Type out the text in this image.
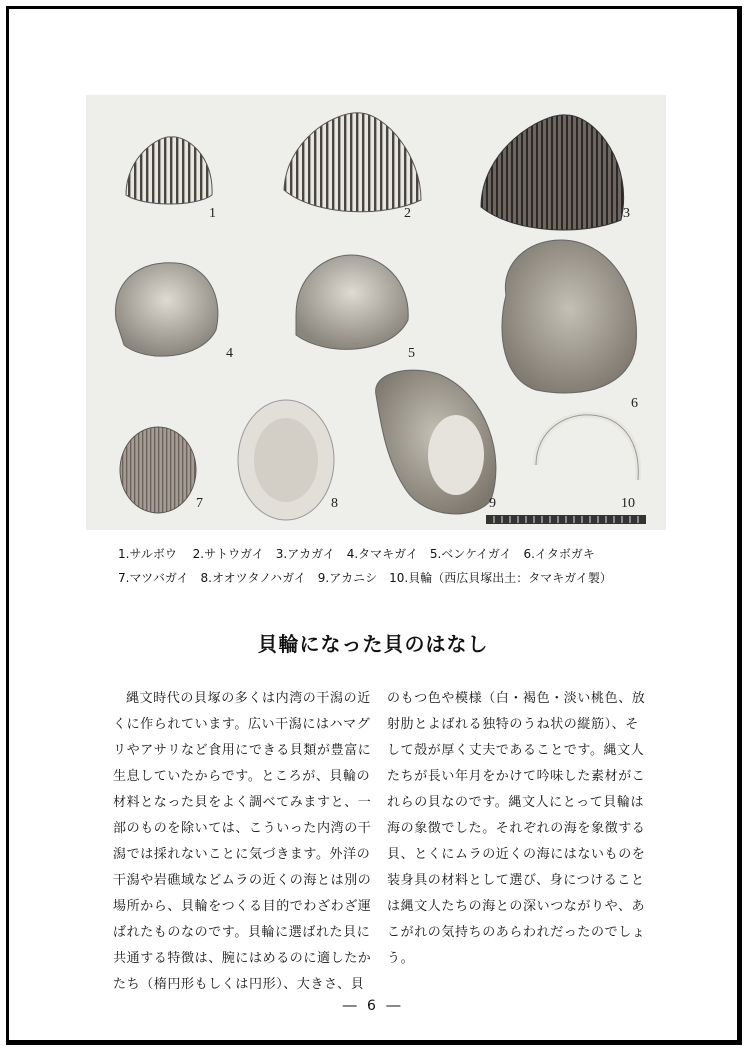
1	2	3
4	5
6
7	8	9	10
1.サルボウ　 2.サトウガイ　3.アカガイ　4.タマキガイ　5.ベンケイガイ　6.イタボガキ
7.マツバガイ　8.オオツタノハガイ　9.アカニシ　10.貝輪（西広貝塚出土：タマキガイ製）
貝輪になった貝のはなし

縄文時代の貝塚の多くは内湾の干潟の近くに作られています。広い干潟にはハマグリやアサリなど食用にできる貝類が豊富に生息していたからです。ところが、貝輪の材料となった貝をよく調べてみますと、一部のものを除いては、こういった内湾の干潟では採れないことに気づきます。外洋の干潟や岩礁域などムラの近くの海とは別の場所から、貝輪をつくる目的でわざわざ運ばれたものなのです。貝輪に選ばれた貝に共通する特徴は、腕にはめるのに適したかたち（楕円形もしくは円形）、大きさ、貝

のもつ色や模様（白・褐色・淡い桃色、放射肋とよばれる独特のうね状の縦筋）、そして殻が厚く丈夫であることです。縄文人たちが長い年月をかけて吟味した素材がこれらの貝なのです。縄文人にとって貝輪は海の象徴でした。それぞれの海を象徴する貝、とくにムラの近くの海にはないものを装身具の材料として選び、身につけることは縄文人たちの海との深いつながりや、あこがれの気持ちのあらわれだったのでしょう。

― 6 ―
